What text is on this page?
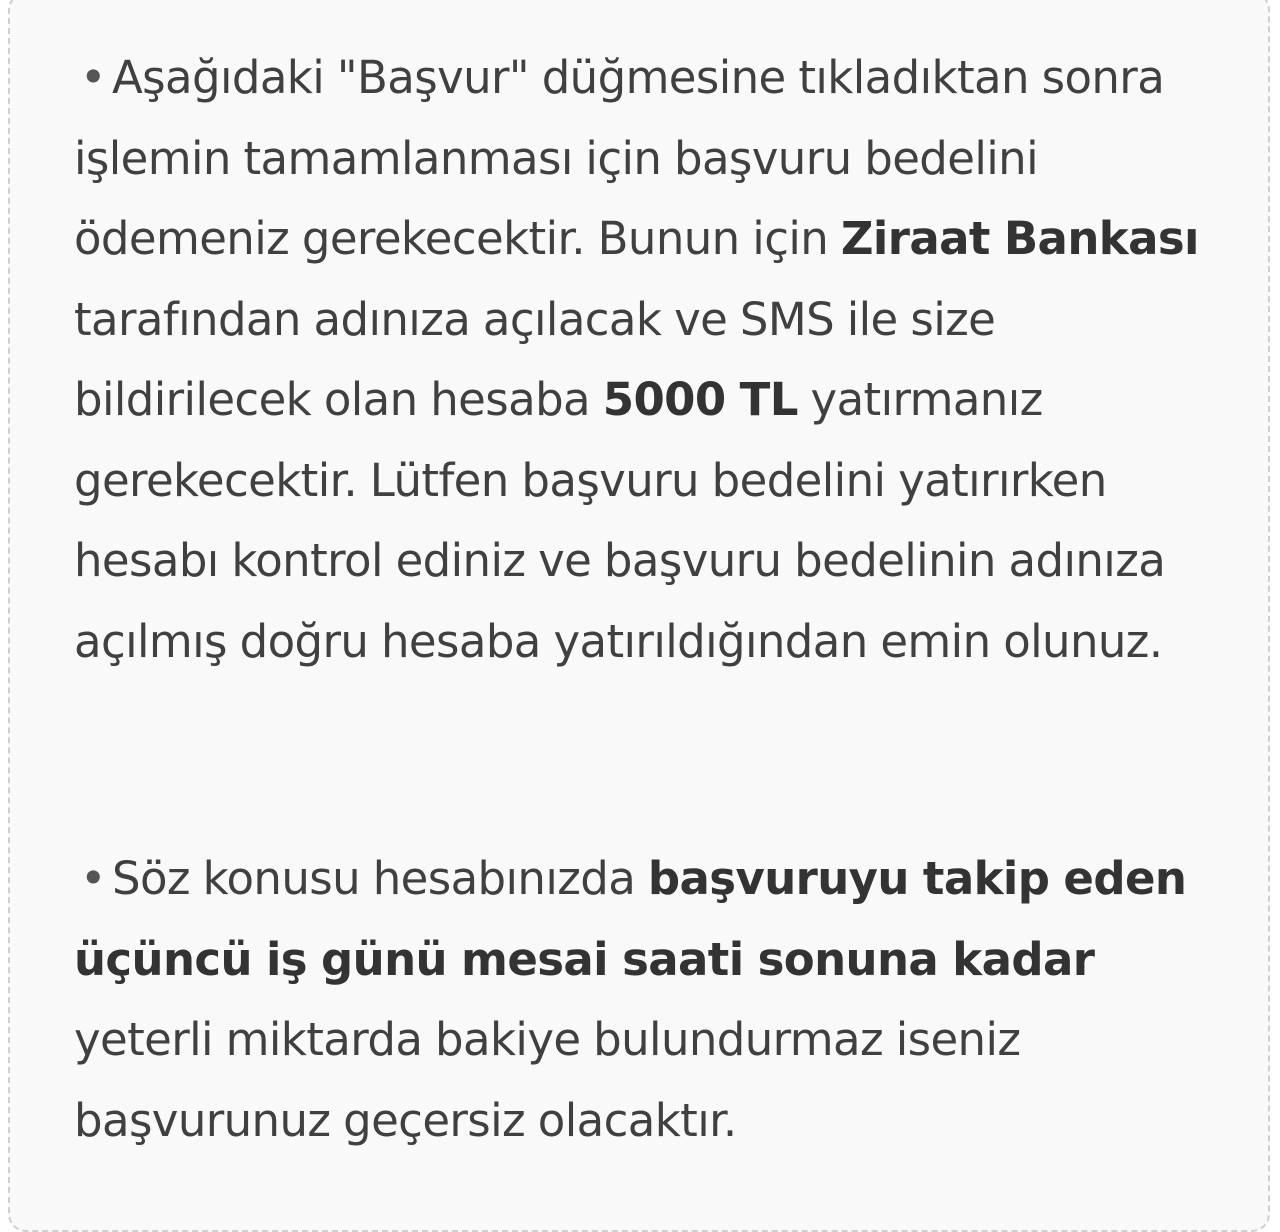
• Aşağıdaki "Başvur" düğmesine tıkladıktan sonra işlemin tamamlanması için başvuru bedelini ödemeniz gerekecektir. Bunun için Ziraat Bankası tarafından adınıza açılacak ve SMS ile size bildirilecek olan hesaba 5000 TL yatırmanız gerekecektir. Lütfen başvuru bedelini yatırırken hesabı kontrol ediniz ve başvuru bedelinin adınıza açılmış doğru hesaba yatırıldığından emin olunuz.

• Söz konusu hesabınızda başvuruyu takip eden üçüncü iş günü mesai saati sonuna kadar yeterli miktarda bakiye bulundurmaz iseniz başvurunuz geçersiz olacaktır.
